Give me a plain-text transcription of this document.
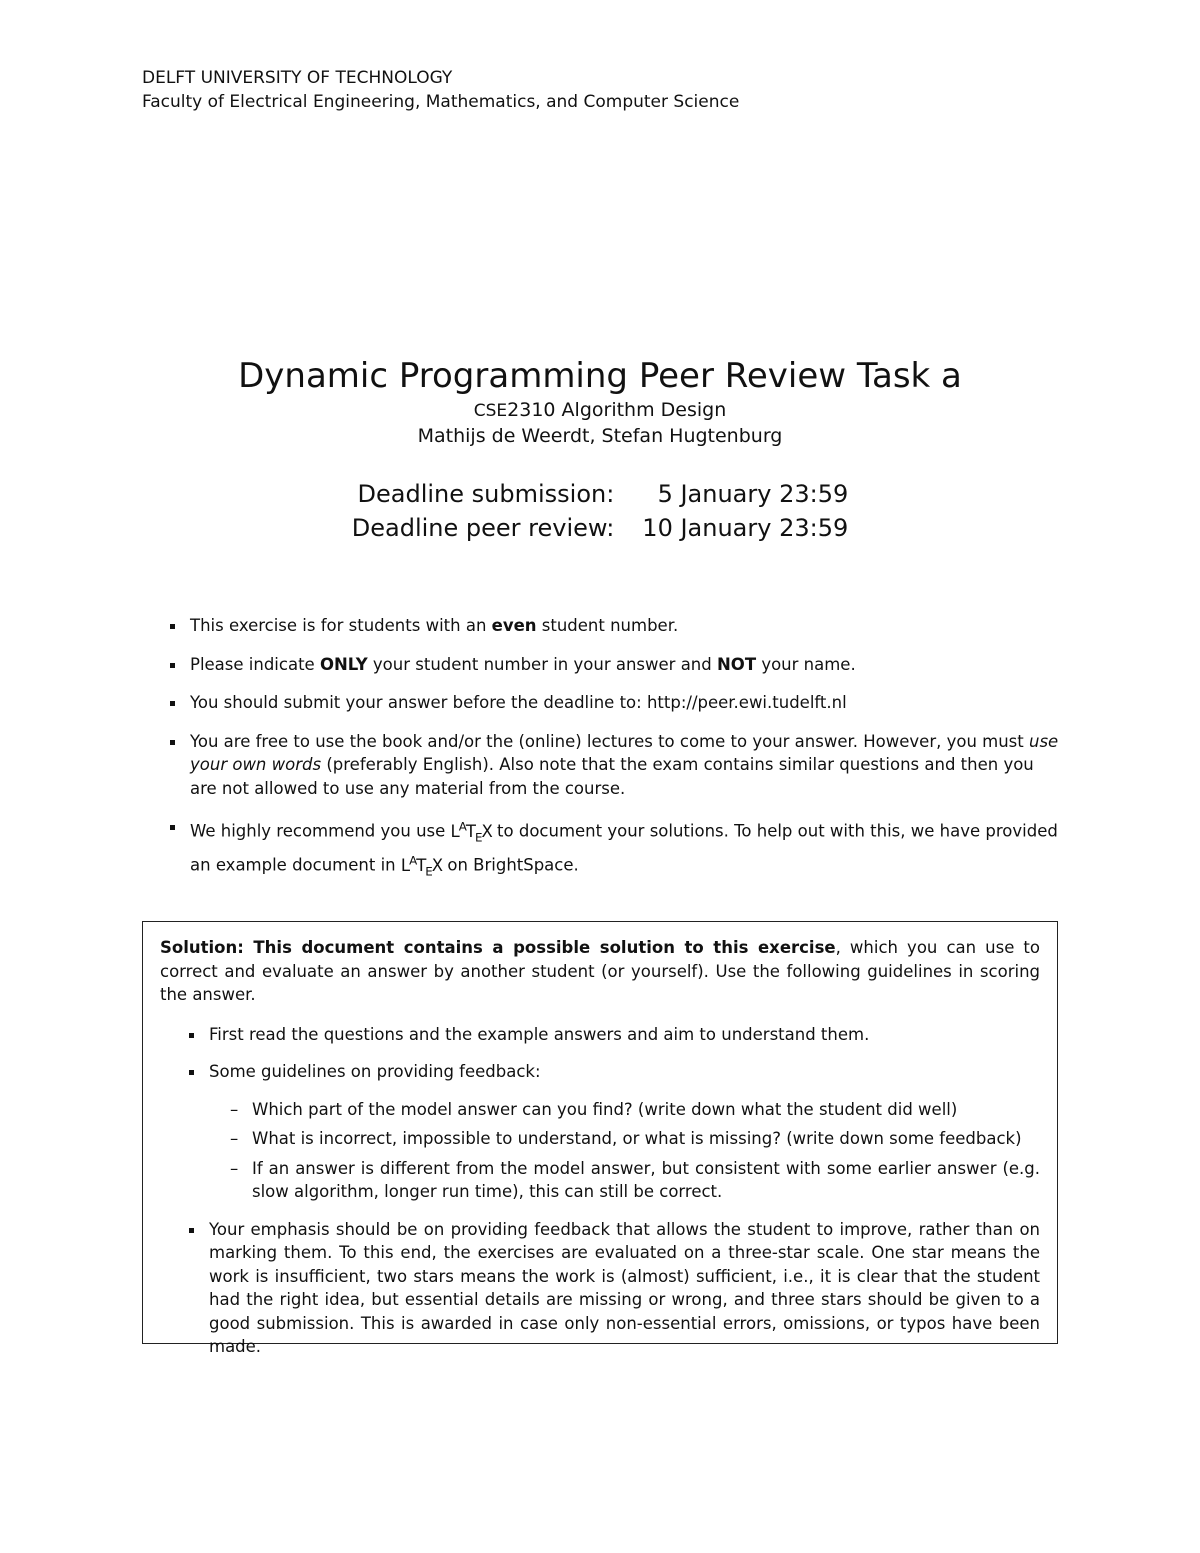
DELFT UNIVERSITY OF TECHNOLOGY
Faculty of Electrical Engineering, Mathematics, and Computer Science
Dynamic Programming Peer Review Task a
CSE2310 Algorithm Design
Mathijs de Weerdt, Stefan Hugtenburg
Deadline submission:	5 January 23:59
Deadline peer review:	10 January 23:59
This exercise is for students with an even student number.
Please indicate ONLY your student number in your answer and NOT your name.
You should submit your answer before the deadline to: http://peer.ewi.tudelft.nl
You are free to use the book and/or the (online) lectures to come to your answer. However, you must use your own words (preferably English). Also note that the exam contains similar questions and then you are not allowed to use any material from the course.
We highly recommend you use $L^AT_EX$ to document your solutions. To help out with this, we have provided an example document in $L^AT_EX$ on BrightSpace.

Solution: This document contains a possible solution to this exercise, which you can use to correct and evaluate an answer by another student (or yourself). Use the following guidelines in scoring the answer.

First read the questions and the example answers and aim to understand them.
Some guidelines on providing feedback:
– Which part of the model answer can you find? (write down what the student did well)
– What is incorrect, impossible to understand, or what is missing? (write down some feedback)
– If an answer is different from the model answer, but consistent with some earlier answer (e.g. slow algorithm, longer run time), this can still be correct.
Your emphasis should be on providing feedback that allows the student to improve, rather than on marking them. To this end, the exercises are evaluated on a three-star scale. One star means the work is insufficient, two stars means the work is (almost) sufficient, i.e., it is clear that the student had the right idea, but essential details are missing or wrong, and three stars should be given to a good submission. This is awarded in case only non-essential errors, omissions, or typos have been made.
